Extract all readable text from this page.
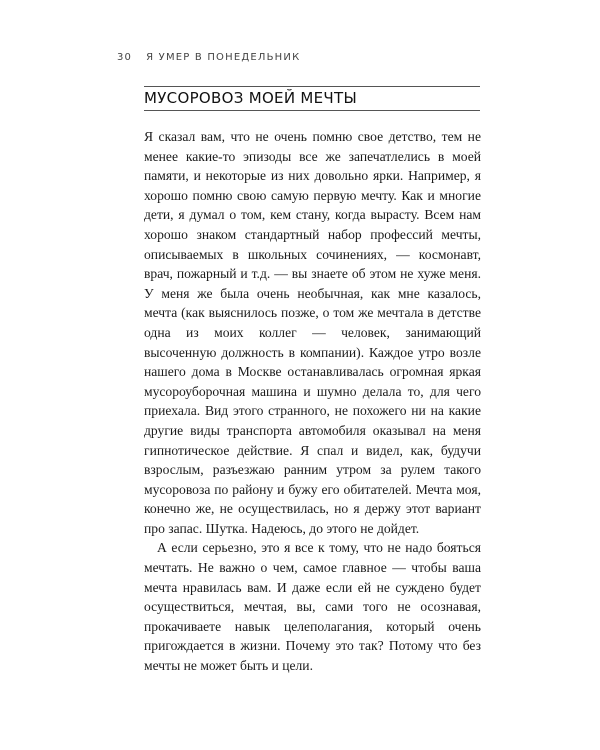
30 Я УМЕР В ПОНЕДЕЛЬНИК
МУСОРОВОЗ МОЕЙ МЕЧТЫ

Я сказал вам, что не очень помню свое детство, тем не менее какие-то эпизоды все же запечатлелись в моей памяти, и некоторые из них довольно ярки. Например, я хорошо помню свою самую первую мечту. Как и многие дети, я думал о том, кем стану, когда вырасту. Всем нам хорошо знаком стандартный набор профессий мечты, описываемых в школьных сочинениях, — космонавт, врач, пожарный и т.д. — вы знаете об этом не хуже меня. У меня же была очень необычная, как мне казалось, мечта (как выяснилось позже, о том же мечтала в детстве одна из моих коллег — человек, занимающий высоченную должность в компании). Каждое утро возле нашего дома в Москве останавливалась огромная яркая мусороуборочная машина и шумно делала то, для чего приехала. Вид этого странного, не похожего ни на какие другие виды транспорта автомобиля оказывал на меня гипнотическое действие. Я спал и видел, как, будучи взрослым, разъезжаю ранним утром за рулем такого мусоровоза по району и бужу его обитателей. Мечта моя, конечно же, не осуществилась, но я держу этот вариант про запас. Шутка. Надеюсь, до этого не дойдет.

А если серьезно, это я все к тому, что не надо бояться мечтать. Не важно о чем, самое главное — чтобы ваша мечта нравилась вам. И даже если ей не суждено будет осуществиться, мечтая, вы, сами того не осознавая, прокачиваете навык целеполагания, который очень пригождается в жизни. Почему это так? Потому что без мечты не может быть и цели.
